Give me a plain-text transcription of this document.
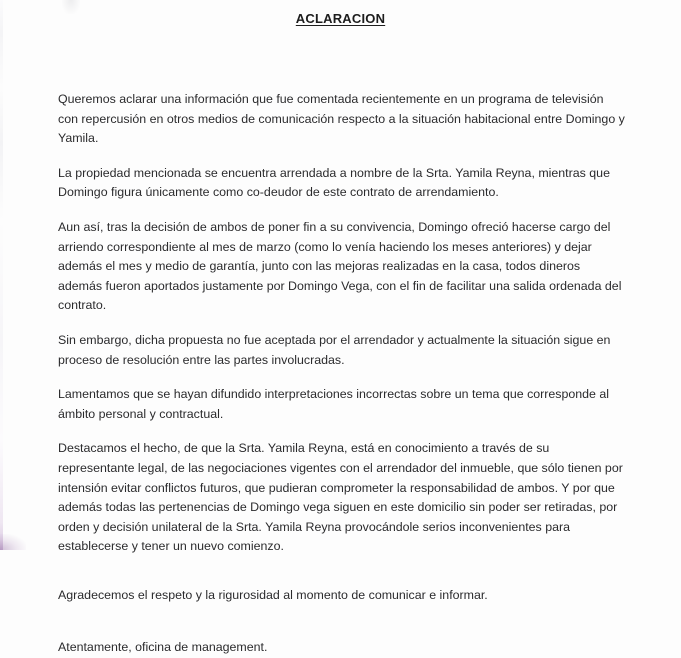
ACLARACION

Queremos aclarar una información que fue comentada recientemente en un programa de televisión con repercusión en otros medios de comunicación respecto a la situación habitacional entre Domingo y Yamila.

La propiedad mencionada se encuentra arrendada a nombre de la Srta. Yamila Reyna, mientras que Domingo figura únicamente como co-deudor de este contrato de arrendamiento.

Aun así, tras la decisión de ambos de poner fin a su convivencia, Domingo ofreció hacerse cargo del arriendo correspondiente al mes de marzo (como lo venía haciendo los meses anteriores) y dejar además el mes y medio de garantía, junto con las mejoras realizadas en la casa, todos dineros además fueron aportados justamente por Domingo Vega, con el fin de facilitar una salida ordenada del contrato.

Sin embargo, dicha propuesta no fue aceptada por el arrendador y actualmente la situación sigue en proceso de resolución entre las partes involucradas.

Lamentamos que se hayan difundido interpretaciones incorrectas sobre un tema que corresponde al ámbito personal y contractual.

Destacamos el hecho, de que la Srta. Yamila Reyna, está en conocimiento a través de su representante legal, de las negociaciones vigentes con el arrendador del inmueble, que sólo tienen por intensión evitar conflictos futuros, que pudieran comprometer la responsabilidad de ambos. Y por que además todas las pertenencias de Domingo vega siguen en este domicilio sin poder ser retiradas, por orden y decisión unilateral de la Srta. Yamila Reyna provocándole serios inconvenientes para establecerse y tener un nuevo comienzo.

Agradecemos el respeto y la rigurosidad al momento de comunicar e informar.

Atentamente, oficina de management.
